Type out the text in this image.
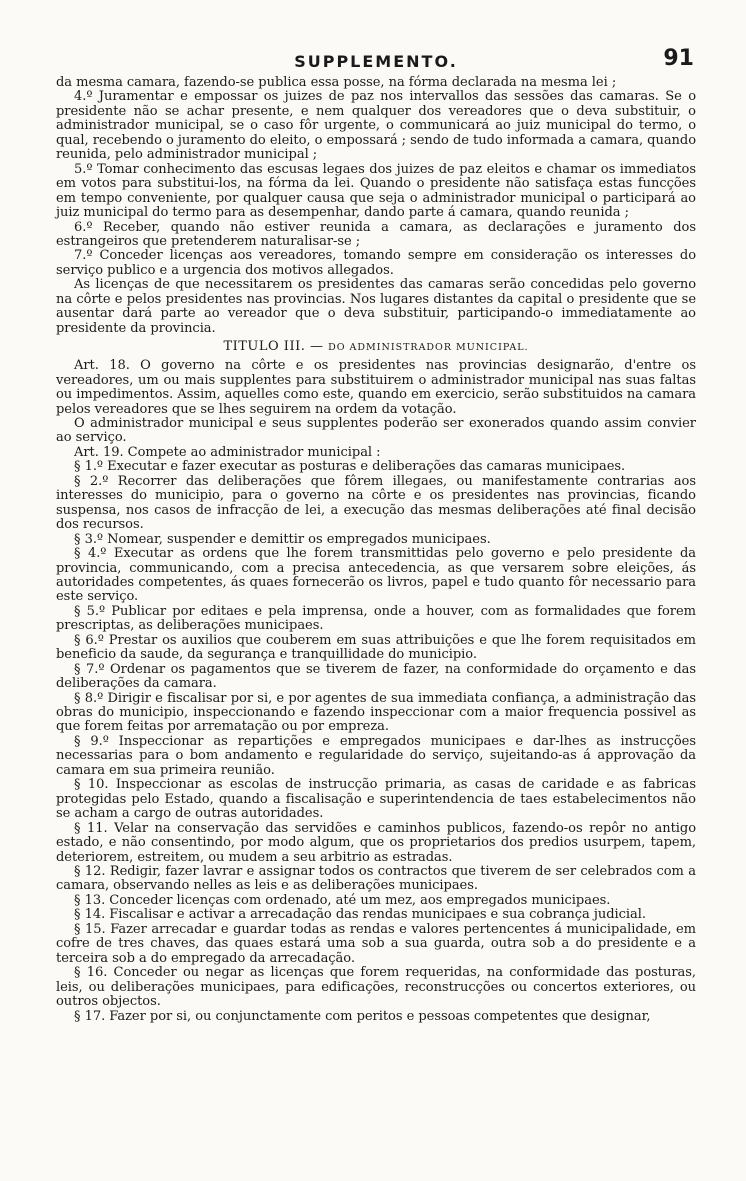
SUPPLEMENTO.	91

da mesma camara, fazendo-se publica essa posse, na fórma declarada na mesma lei ;

4.º Juramentar e empossar os juizes de paz nos intervallos das sessões das camaras. Se o presidente não se achar presente, e nem qualquer dos vereadores que o deva substituir, o administrador municipal, se o caso fôr urgente, o communicará ao juiz municipal do termo, o qual, recebendo o juramento do eleito, o empossará ; sendo de tudo informada a camara, quando reunida, pelo administrador municipal ;

5.º Tomar conhecimento das escusas legaes dos juizes de paz eleitos e chamar os immediatos em votos para substitui-los, na fórma da lei. Quando o presidente não satisfaça estas funcções em tempo conveniente, por qualquer causa que seja o administrador municipal o participará ao juiz municipal do termo para as desempenhar, dando parte á camara, quando reunida ;

6.º Receber, quando não estiver reunida a camara, as declarações e juramento dos estrangeiros que pretenderem naturalisar-se ;

7.º Conceder licenças aos vereadores, tomando sempre em consideração os interesses do serviço publico e a urgencia dos motivos allegados.

As licenças de que necessitarem os presidentes das camaras serão concedidas pelo governo na côrte e pelos presidentes nas provincias. Nos lugares distantes da capital o presidente que se ausentar dará parte ao vereador que o deva substituir, participando-o immediatamente ao presidente da provincia.

TITULO III. — DO ADMINISTRADOR MUNICIPAL.

Art. 18. O governo na côrte e os presidentes nas provincias designarão, d'entre os vereadores, um ou mais supplentes para substituirem o administrador municipal nas suas faltas ou impedimentos. Assim, aquelles como este, quando em exercicio, serão substituidos na camara pelos vereadores que se lhes seguirem na ordem da votação.

O administrador municipal e seus supplentes poderão ser exonerados quando assim convier ao serviço.

Art. 19. Compete ao administrador municipal :

§ 1.º Executar e fazer executar as posturas e deliberações das camaras municipaes.

§ 2.º Recorrer das deliberações que fôrem illegaes, ou manifestamente contrarias aos interesses do municipio, para o governo na côrte e os presidentes nas provincias, ficando suspensa, nos casos de infracção de lei, a execução das mesmas deliberações até final decisão dos recursos.

§ 3.º Nomear, suspender e demittir os empregados municipaes.

§ 4.º Executar as ordens que lhe forem transmittidas pelo governo e pelo presidente da provincia, communicando, com a precisa antecedencia, as que versarem sobre eleições, ás autoridades competentes, ás quaes fornecerão os livros, papel e tudo quanto fôr necessario para este serviço.

§ 5.º Publicar por editaes e pela imprensa, onde a houver, com as formalidades que forem prescriptas, as deliberações municipaes.

§ 6.º Prestar os auxilios que couberem em suas attribuições e que lhe forem requisitados em beneficio da saude, da segurança e tranquillidade do municipio.

§ 7.º Ordenar os pagamentos que se tiverem de fazer, na conformidade do orçamento e das deliberações da camara.

§ 8.º Dirigir e fiscalisar por si, e por agentes de sua immediata confiança, a administração das obras do municipio, inspeccionando e fazendo inspeccionar com a maior frequencia possivel as que forem feitas por arrematação ou por empreza.

§ 9.º Inspeccionar as repartições e empregados municipaes e dar-lhes as instrucções necessarias para o bom andamento e regularidade do serviço, sujeitando-as á approvação da camara em sua primeira reunião.

§ 10. Inspeccionar as escolas de instrucção primaria, as casas de caridade e as fabricas protegidas pelo Estado, quando a fiscalisação e superintendencia de taes estabelecimentos não se acham a cargo de outras autoridades.

§ 11. Velar na conservação das servidões e caminhos publicos, fazendo-os repôr no antigo estado, e não consentindo, por modo algum, que os proprietarios dos predios usurpem, tapem, deteriorem, estreitem, ou mudem a seu arbitrio as estradas.

§ 12. Redigir, fazer lavrar e assignar todos os contractos que tiverem de ser celebrados com a camara, observando nelles as leis e as deliberações municipaes.

§ 13. Conceder licenças com ordenado, até um mez, aos empregados municipaes.

§ 14. Fiscalisar e activar a arrecadação das rendas municipaes e sua cobrança judicial.

§ 15. Fazer arrecadar e guardar todas as rendas e valores pertencentes á municipalidade, em cofre de tres chaves, das quaes estará uma sob a sua guarda, outra sob a do presidente e a terceira sob a do empregado da arrecadação.

§ 16. Conceder ou negar as licenças que forem requeridas, na conformidade das posturas, leis, ou deliberações municipaes, para edificações, reconstrucções ou concertos exteriores, ou outros objectos.

§ 17. Fazer por si, ou conjunctamente com peritos e pessoas competentes que designar,
